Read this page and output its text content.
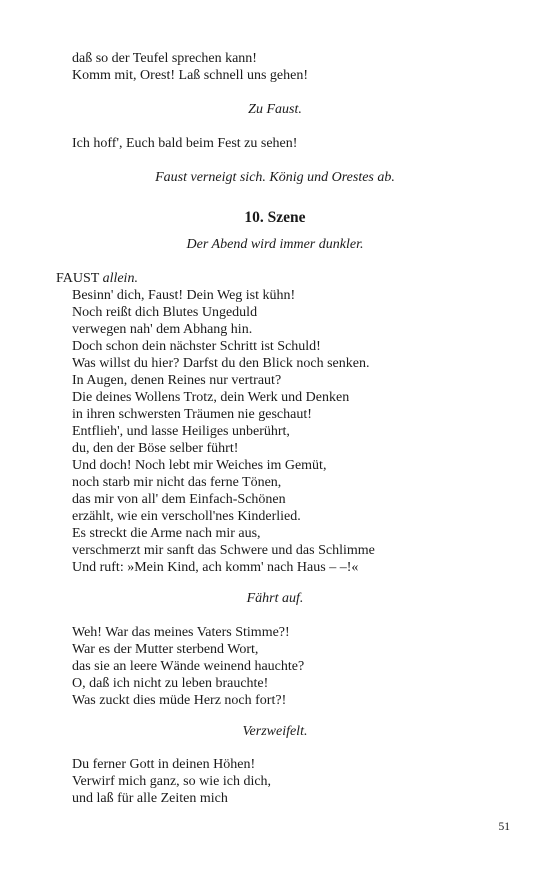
daß so der Teufel sprechen kann!
Komm mit, Orest! Laß schnell uns gehen!

Zu Faust.

Ich hoff', Euch bald beim Fest zu sehen!

Faust verneigt sich. König und Orestes ab.

10. Szene

Der Abend wird immer dunkler.

FAUST allein.

Besinn' dich, Faust! Dein Weg ist kühn!
Noch reißt dich Blutes Ungeduld
verwegen nah' dem Abhang hin.
Doch schon dein nächster Schritt ist Schuld!
Was willst du hier? Darfst du den Blick noch senken.
In Augen, denen Reines nur vertraut?
Die deines Wollens Trotz, dein Werk und Denken
in ihren schwersten Träumen nie geschaut!
Entflieh', und lasse Heiliges unberührt,
du, den der Böse selber führt!
Und doch! Noch lebt mir Weiches im Gemüt,
noch starb mir nicht das ferne Tönen,
das mir von all' dem Einfach-Schönen
erzählt, wie ein verscholl'nes Kinderlied.
Es streckt die Arme nach mir aus,
verschmerzt mir sanft das Schwere und das Schlimme
Und ruft: »Mein Kind, ach komm' nach Haus – –!«

Fährt auf.

Weh! War das meines Vaters Stimme?!
War es der Mutter sterbend Wort,
das sie an leere Wände weinend hauchte?
O, daß ich nicht zu leben brauchte!
Was zuckt dies müde Herz noch fort?!

Verzweifelt.

Du ferner Gott in deinen Höhen!
Verwirf mich ganz, so wie ich dich,
und laß für alle Zeiten mich
51
